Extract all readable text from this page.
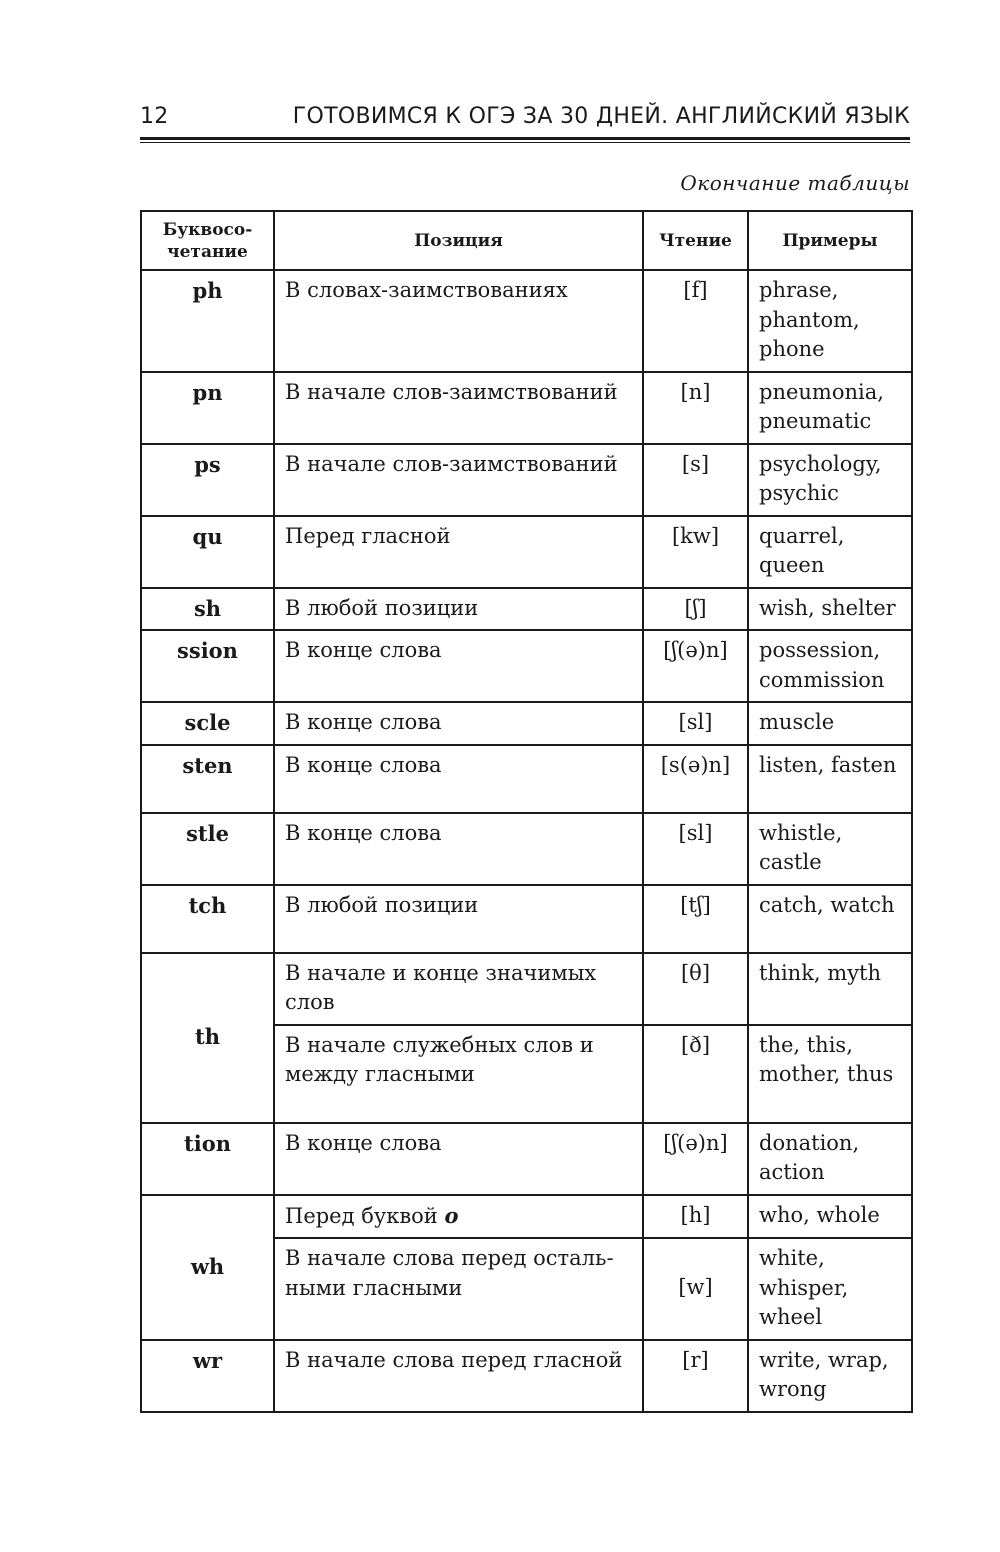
12	ГОТОВИМСЯ К ОГЭ ЗА 30 ДНЕЙ. АНГЛИЙСКИЙ ЯЗЫК
Окончание таблицы
Буквосо-
четание	Позиция	Чтение	Примеры
ph	В словах-заимствованиях	[f]	phrase, phantom, phone
pn	В начале слов-заимствований	[n]	pneumonia, pneumatic
ps	В начале слов-заимствований	[s]	psychology, psychic
qu	Перед гласной	[kw]	quarrel, queen
sh	В любой позиции	[ʃ]	wish, shelter
ssion	В конце слова	[ʃ(ə)n]	possession, commission
scle	В конце слова	[sl]	muscle
sten	В конце слова	[s(ə)n]	listen, fasten
stle	В конце слова	[sl]	whistle, castle
tch	В любой позиции	[tʃ]	catch, watch
th	В начале и конце значимых слов	[θ]	think, myth
	В начале служебных слов и между гласными	[ð]	the, this, mother, thus
tion	В конце слова	[ʃ(ə)n]	donation, action
wh	Перед буквой o	[h]	who, whole
	В начале слова перед осталь-ными гласными	[w]	white, whisper, wheel
wr	В начале слова перед гласной	[r]	write, wrap, wrong
